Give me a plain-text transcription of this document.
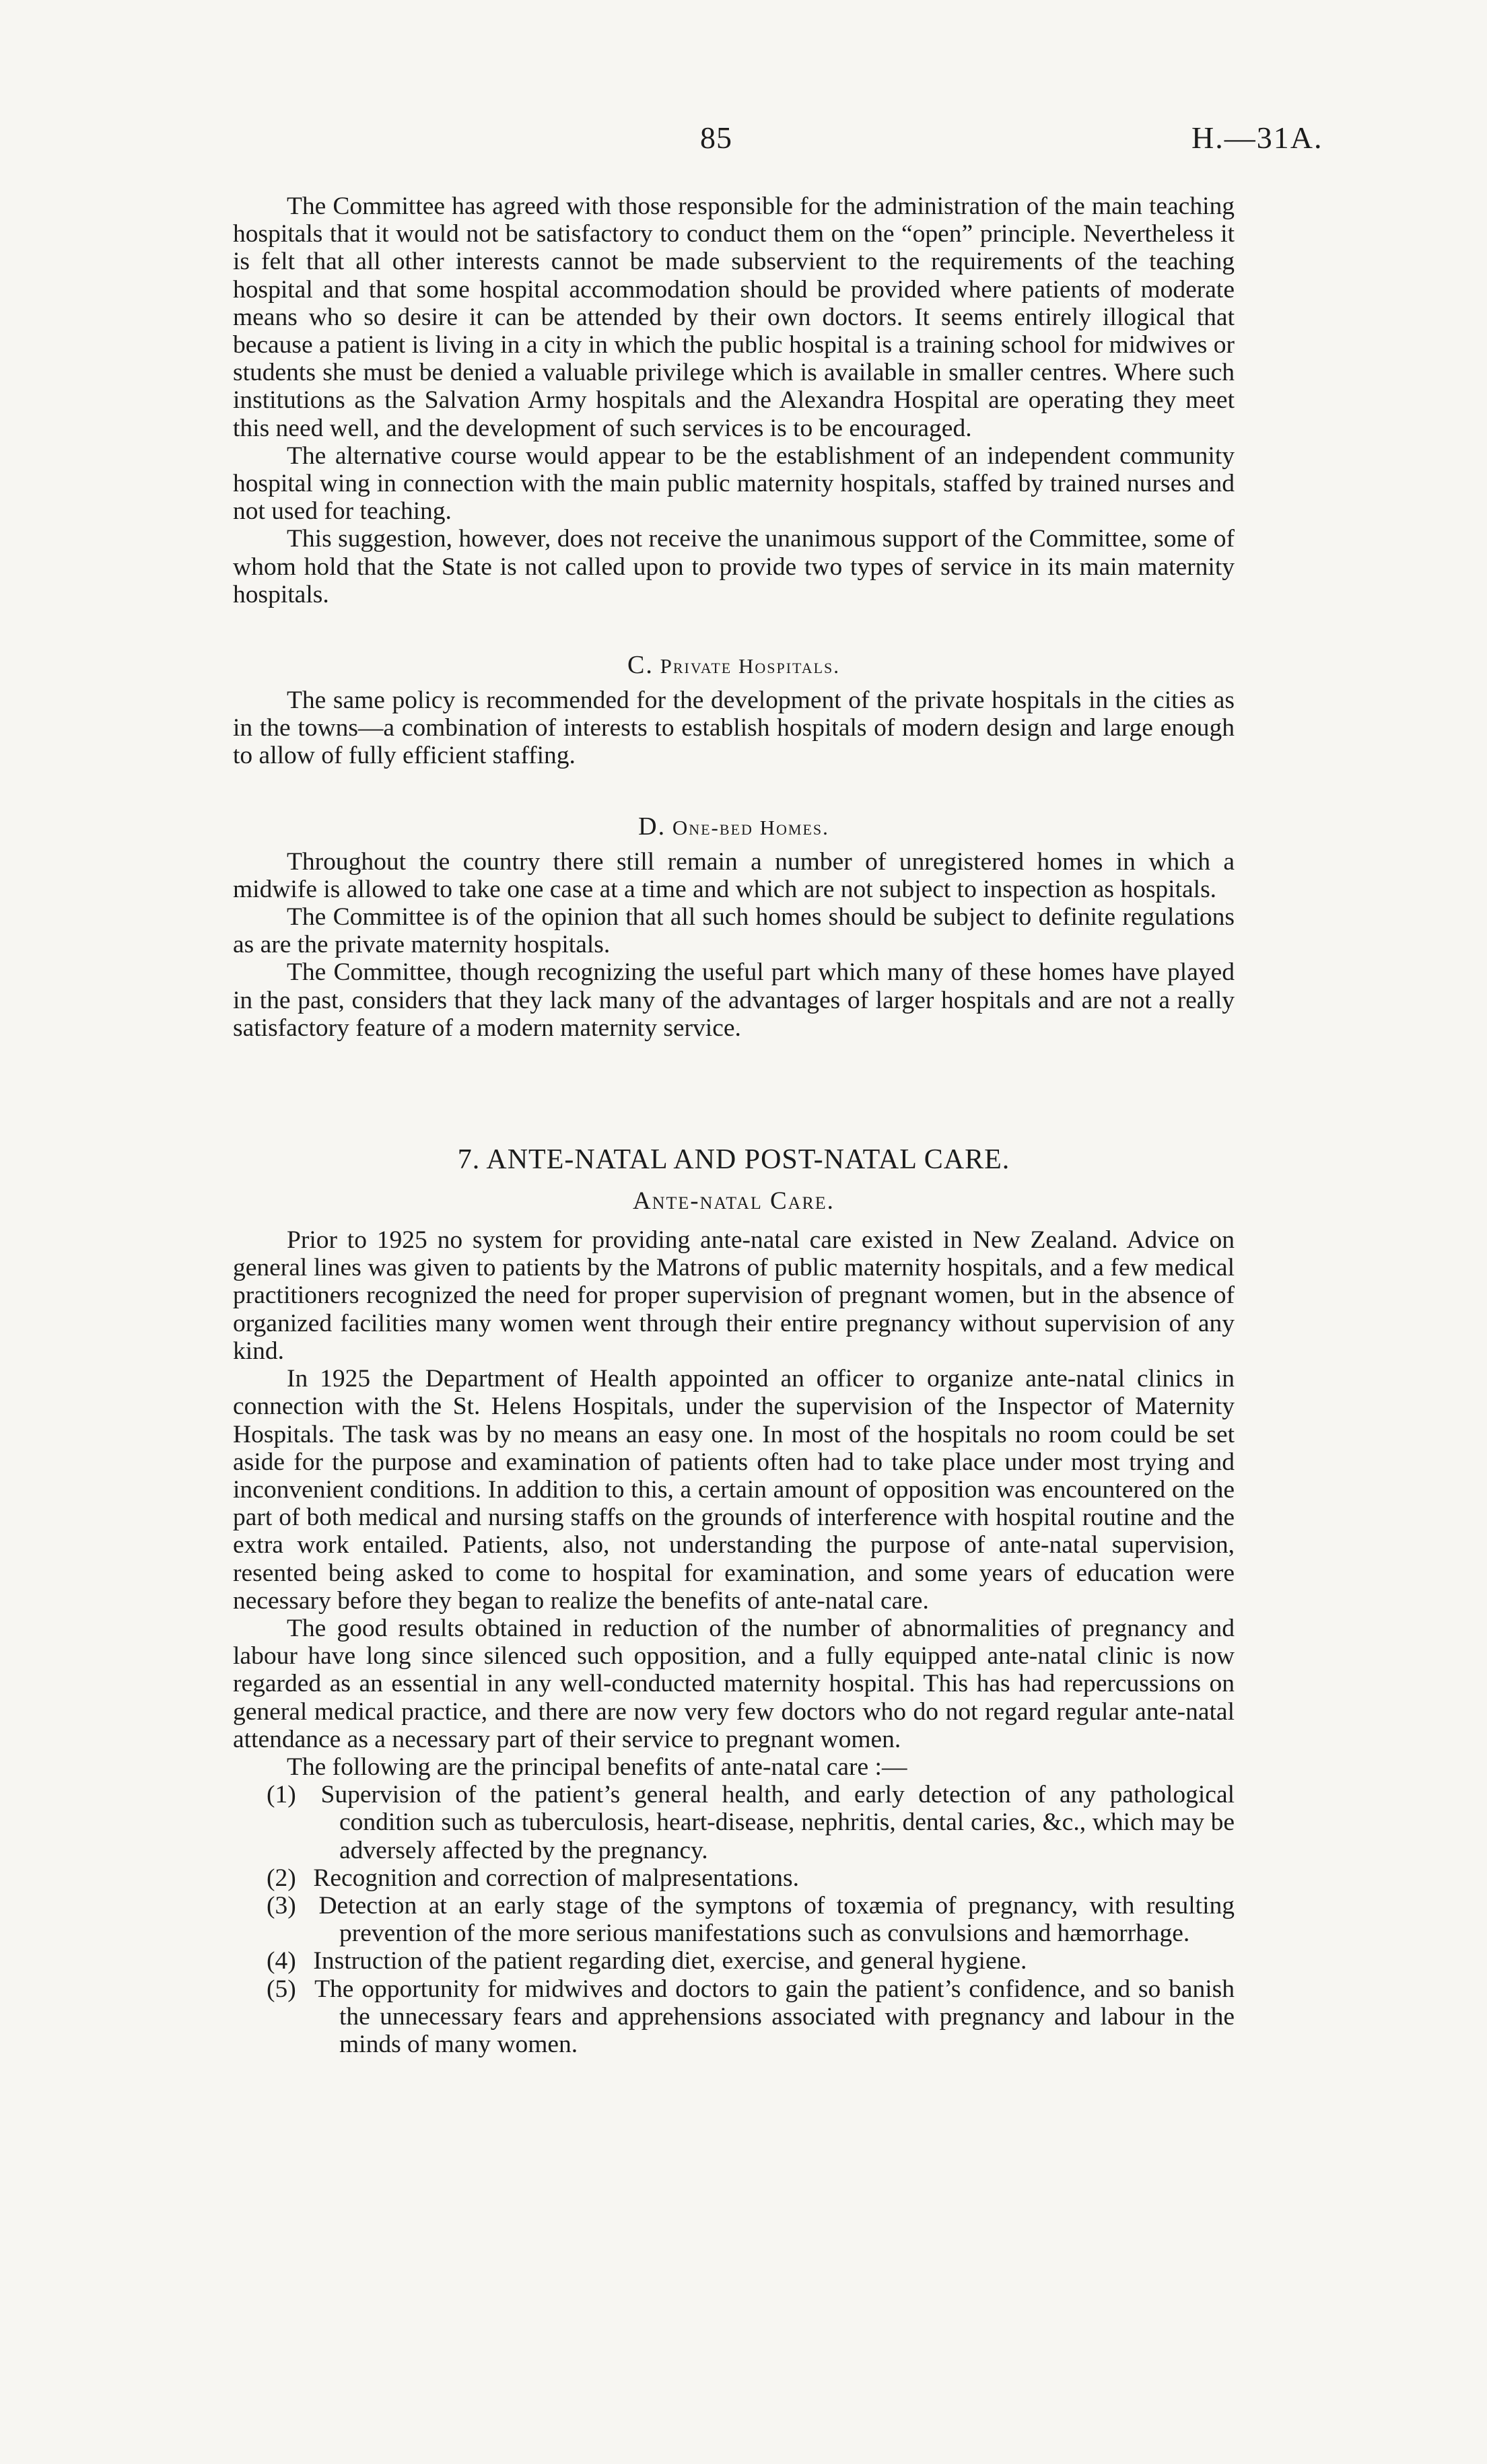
85	H.—31A.

The Committee has agreed with those responsible for the administration of the main teaching hospitals that it would not be satisfactory to conduct them on the “open” principle. Nevertheless it is felt that all other interests cannot be made subservient to the requirements of the teaching hospital and that some hospital accommodation should be provided where patients of moderate means who so desire it can be attended by their own doctors. It seems entirely illogical that because a patient is living in a city in which the public hospital is a training school for midwives or students she must be denied a valuable privilege which is available in smaller centres. Where such institutions as the Salvation Army hospitals and the Alexandra Hospital are operating they meet this need well, and the development of such services is to be encouraged.

The alternative course would appear to be the establishment of an independent community hospital wing in connection with the main public maternity hospitals, staffed by trained nurses and not used for teaching.

This suggestion, however, does not receive the unanimous support of the Committee, some of whom hold that the State is not called upon to provide two types of service in its main maternity hospitals.

C. Private Hospitals.

The same policy is recommended for the development of the private hospitals in the cities as in the towns—a combination of interests to establish hospitals of modern design and large enough to allow of fully efficient staffing.

D. One-bed Homes.

Throughout the country there still remain a number of unregistered homes in which a midwife is allowed to take one case at a time and which are not subject to inspection as hospitals.

The Committee is of the opinion that all such homes should be subject to definite regulations as are the private maternity hospitals.

The Committee, though recognizing the useful part which many of these homes have played in the past, considers that they lack many of the advantages of larger hospitals and are not a really satisfactory feature of a modern maternity service.

7. ANTE-NATAL AND POST-NATAL CARE.
Ante-natal Care.

Prior to 1925 no system for providing ante-natal care existed in New Zealand. Advice on general lines was given to patients by the Matrons of public maternity hospitals, and a few medical practitioners recognized the need for proper supervision of pregnant women, but in the absence of organized facilities many women went through their entire pregnancy without supervision of any kind.

In 1925 the Department of Health appointed an officer to organize ante-natal clinics in connection with the St. Helens Hospitals, under the supervision of the Inspector of Maternity Hospitals. The task was by no means an easy one. In most of the hospitals no room could be set aside for the purpose and examination of patients often had to take place under most trying and inconvenient conditions. In addition to this, a certain amount of opposition was encountered on the part of both medical and nursing staffs on the grounds of interference with hospital routine and the extra work entailed. Patients, also, not understanding the purpose of ante-natal supervision, resented being asked to come to hospital for examination, and some years of education were necessary before they began to realize the benefits of ante-natal care.

The good results obtained in reduction of the number of abnormalities of pregnancy and labour have long since silenced such opposition, and a fully equipped ante-natal clinic is now regarded as an essential in any well-conducted maternity hospital. This has had repercussions on general medical practice, and there are now very few doctors who do not regard regular ante-natal attendance as a necessary part of their service to pregnant women.

The following are the principal benefits of ante-natal care :—

(1) Supervision of the patient’s general health, and early detection of any pathological condition such as tuberculosis, heart-disease, nephritis, dental caries, &c., which may be adversely affected by the pregnancy.
(2) Recognition and correction of malpresentations.
(3) Detection at an early stage of the symptons of toxæmia of pregnancy, with resulting prevention of the more serious manifestations such as convulsions and hæmorrhage.
(4) Instruction of the patient regarding diet, exercise, and general hygiene.
(5) The opportunity for midwives and doctors to gain the patient’s confidence, and so banish the unnecessary fears and apprehensions associated with pregnancy and labour in the minds of many women.
